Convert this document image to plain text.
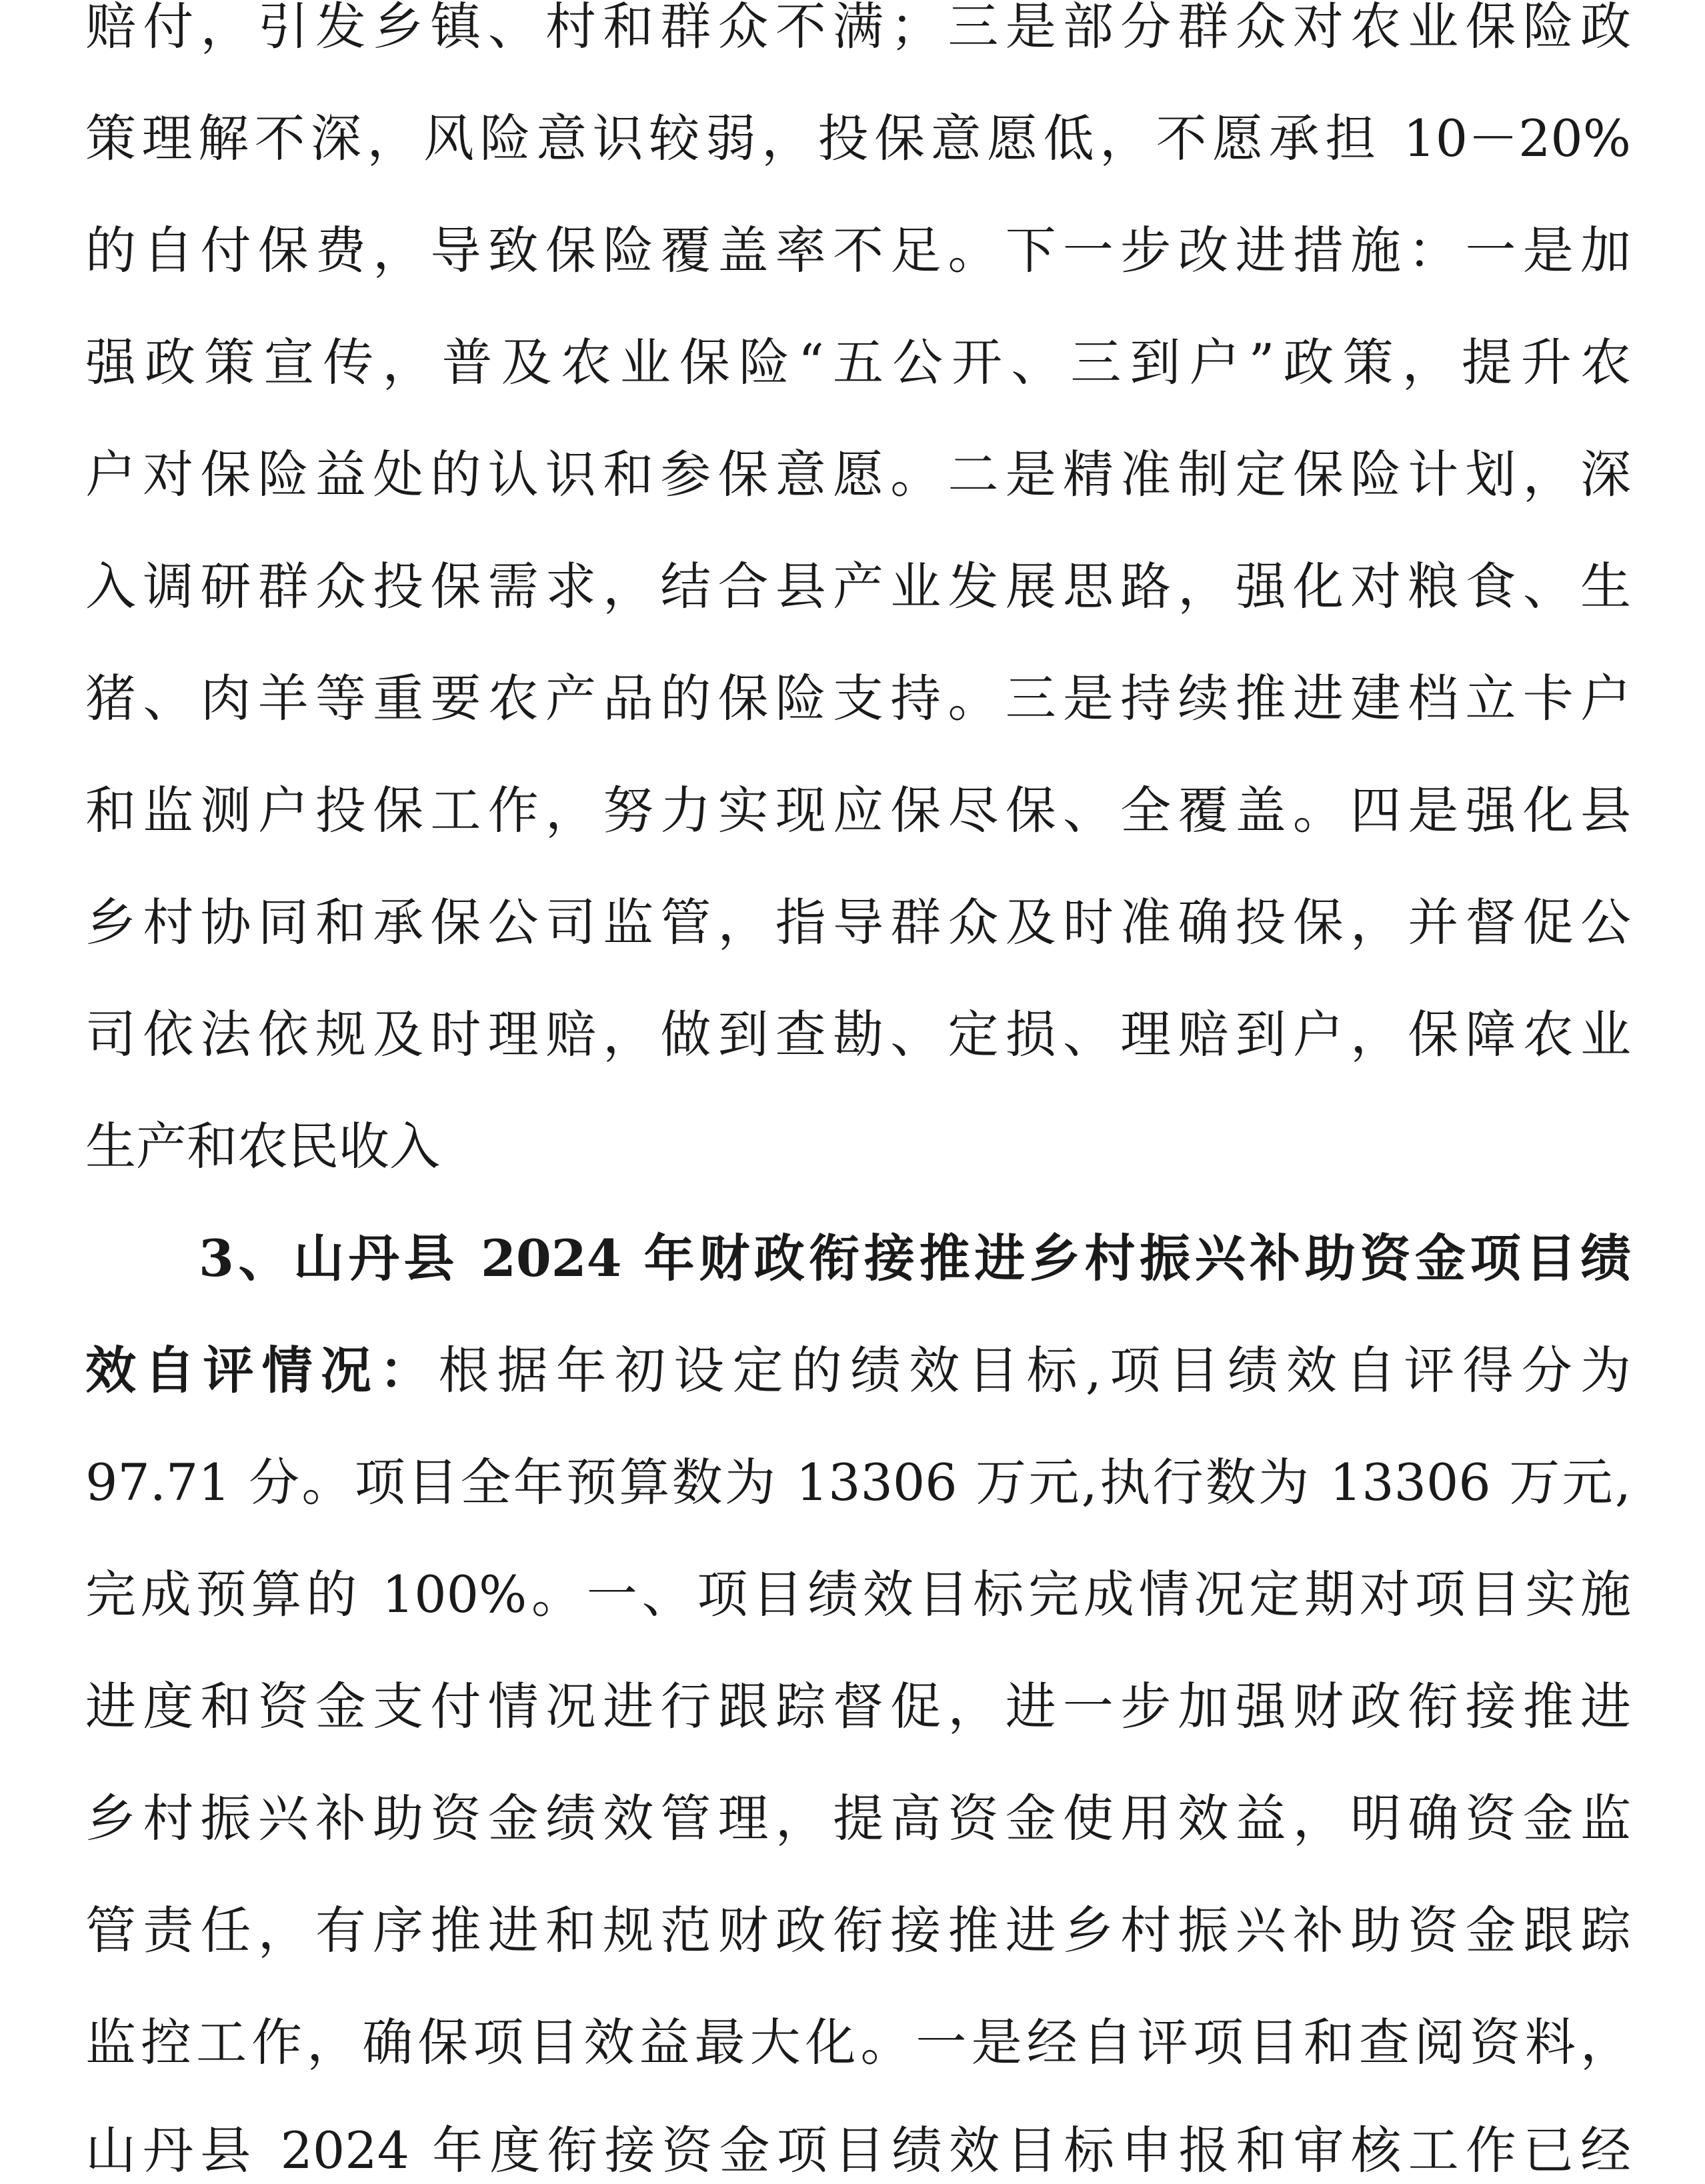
赔付，引发乡镇、村和群众不满；三是部分群众对农业保险政
策理解不深，风险意识较弱，投保意愿低，不愿承担 10－20%
的自付保费，导致保险覆盖率不足。下一步改进措施：一是加
强政策宣传，普及农业保险“五公开、三到户”政策，提升农
户对保险益处的认识和参保意愿。二是精准制定保险计划，深
入调研群众投保需求，结合县产业发展思路，强化对粮食、生
猪、肉羊等重要农产品的保险支持。三是持续推进建档立卡户
和监测户投保工作，努力实现应保尽保、全覆盖。四是强化县
乡村协同和承保公司监管，指导群众及时准确投保，并督促公
司依法依规及时理赔，做到查勘、定损、理赔到户，保障农业
生产和农民收入
3、山丹县 2024 年财政衔接推进乡村振兴补助资金项目绩
效自评情况：根据年初设定的绩效目标,项目绩效自评得分为
97.71 分。项目全年预算数为 13306 万元,执行数为 13306 万元,
完成预算的 100%。一、项目绩效目标完成情况定期对项目实施
进度和资金支付情况进行跟踪督促，进一步加强财政衔接推进
乡村振兴补助资金绩效管理，提高资金使用效益，明确资金监
管责任，有序推进和规范财政衔接推进乡村振兴补助资金跟踪
监控工作，确保项目效益最大化。一是经自评项目和查阅资料，
山丹县 2024 年度衔接资金项目绩效目标申报和审核工作已经
